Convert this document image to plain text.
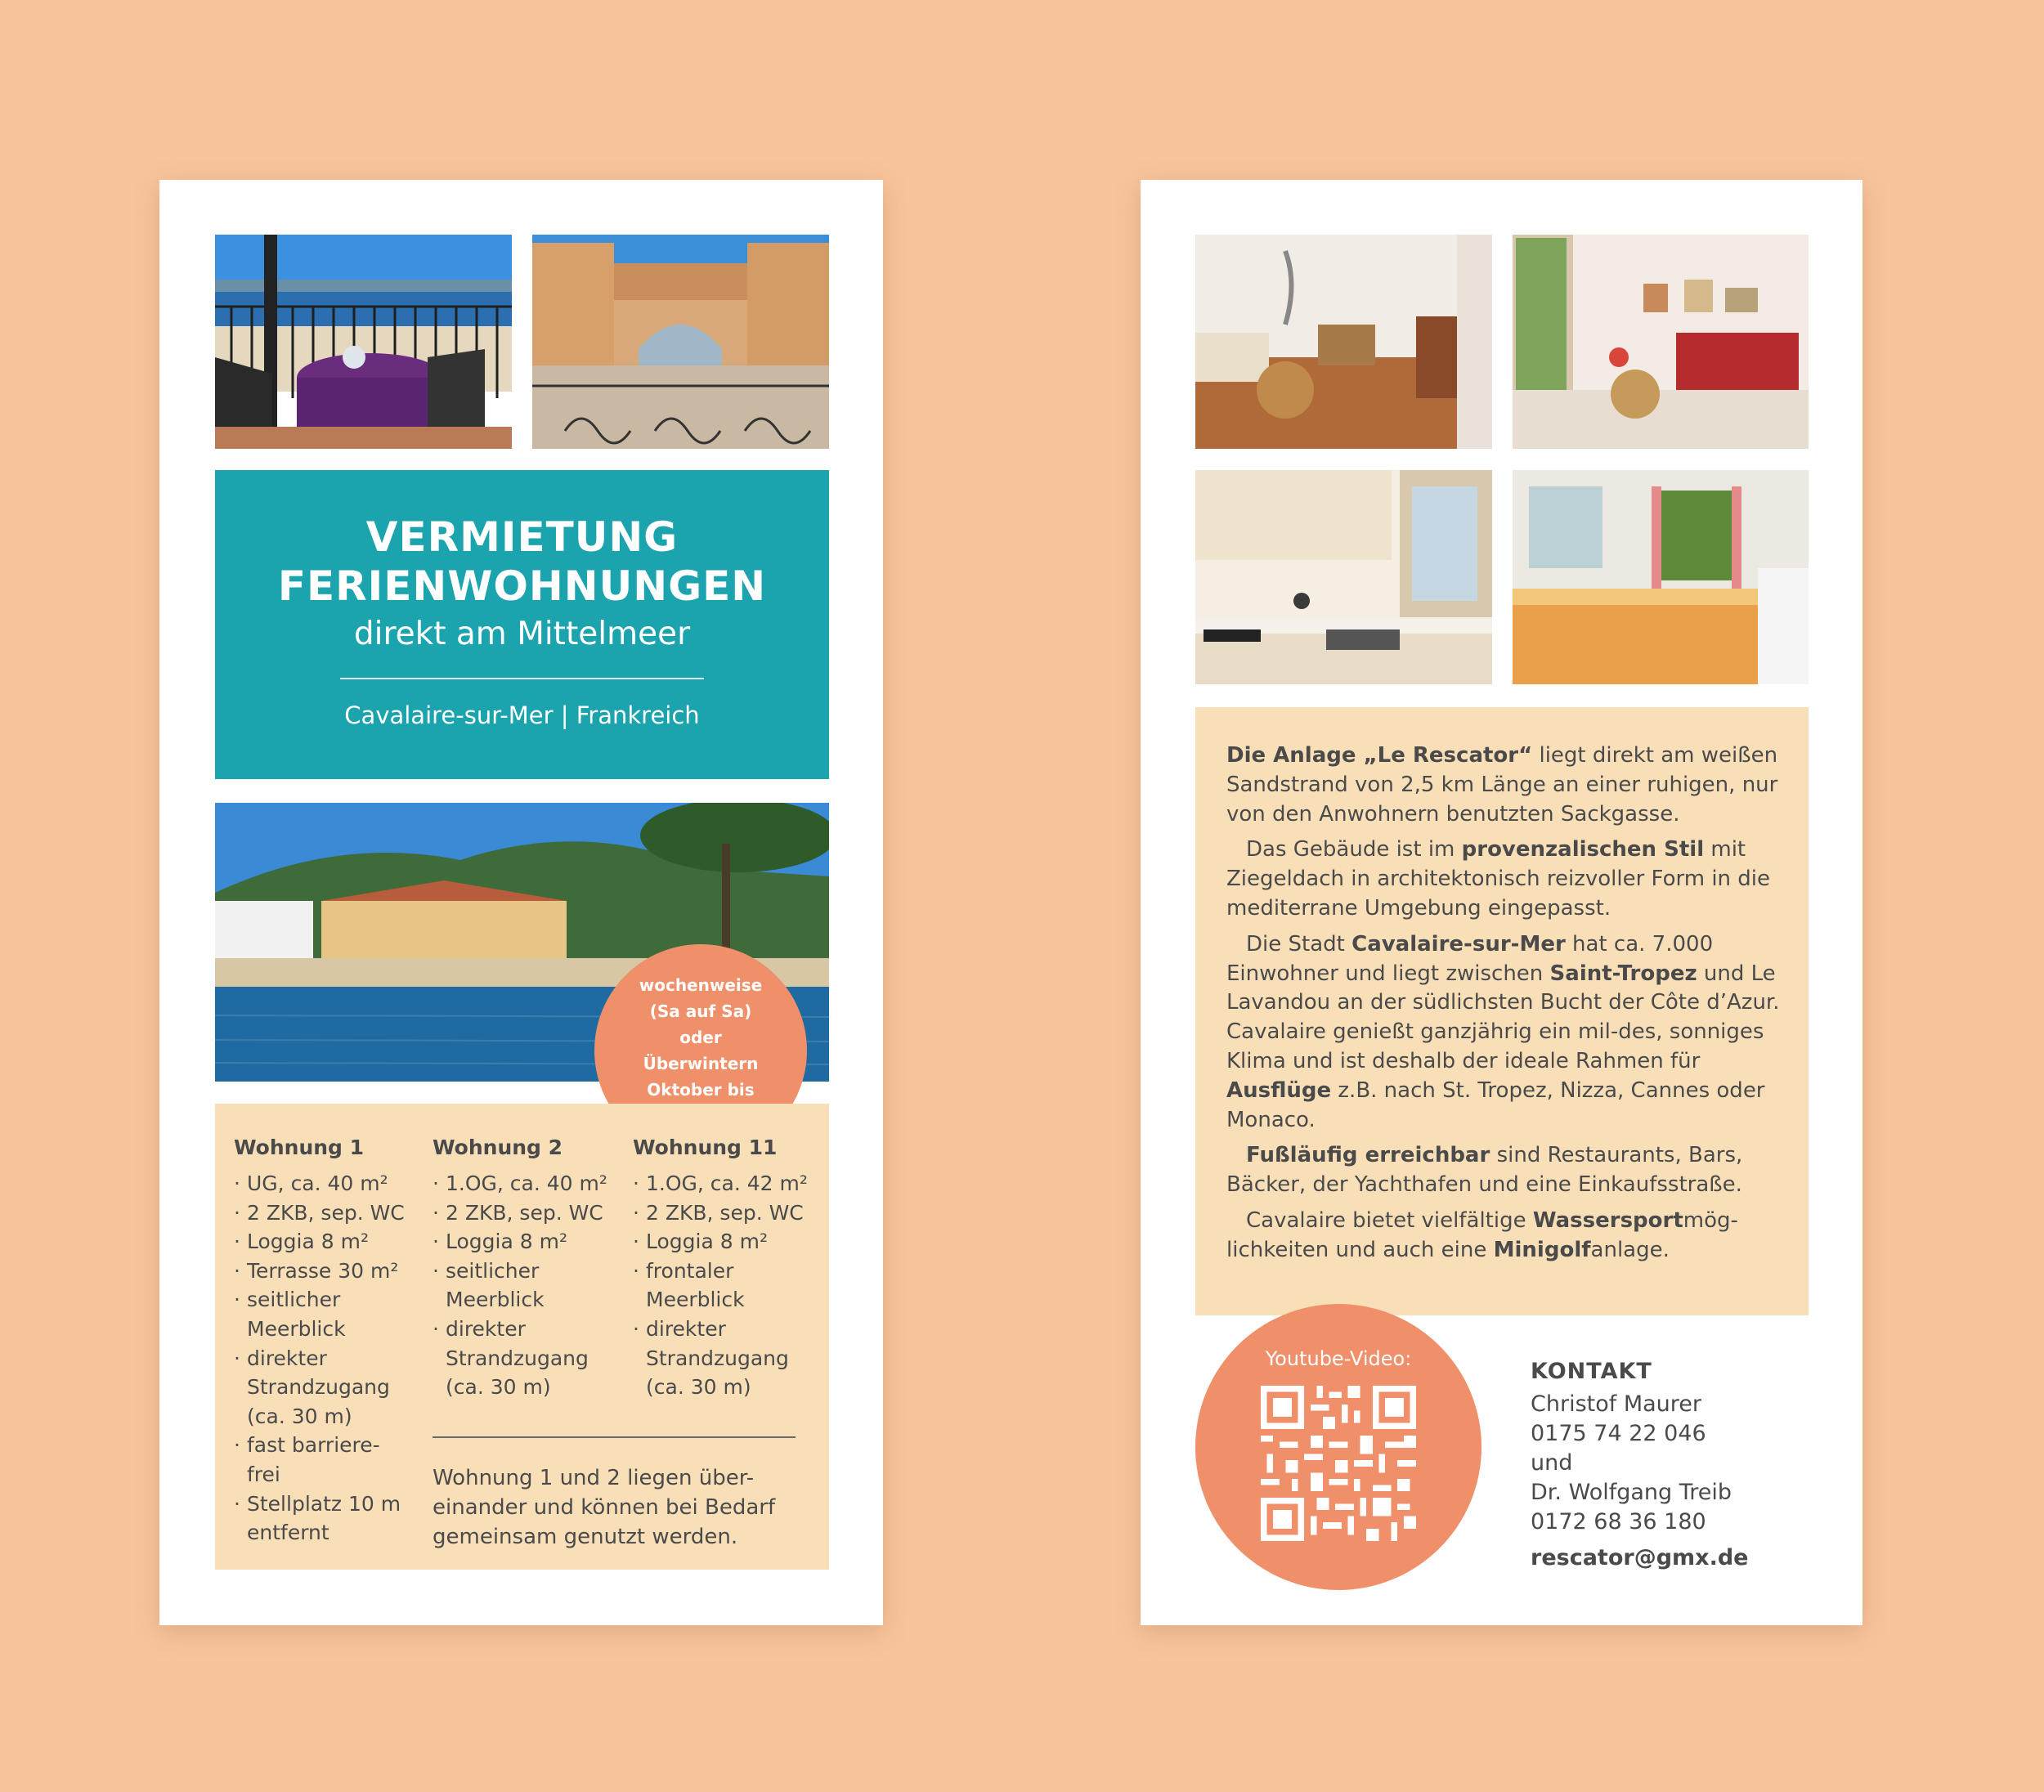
VERMIETUNG
FERIENWOHNUNGEN
direkt am Mittelmeer
Cavalaire-sur-Mer | Frankreich
wochenweise
(Sa auf Sa)
oder
Überwintern
Oktober bis

Wohnung 1
· UG, ca. 40 m²
· 2 ZKB, sep. WC
· Loggia 8 m²
· Terrasse 30 m²
· seitlicher
Meerblick
· direkter
Strandzugang
(ca. 30 m)
· fast barriere-
frei
· Stellplatz 10 m
entfernt
Wohnung 2
· 1.OG, ca. 40 m²
· 2 ZKB, sep. WC
· Loggia 8 m²
· seitlicher
Meerblick
· direkter
Strandzugang
(ca. 30 m)
Wohnung 11
· 1.OG, ca. 42 m²
· 2 ZKB, sep. WC
· Loggia 8 m²
· frontaler
Meerblick
· direkter
Strandzugang
(ca. 30 m)
Wohnung 1 und 2 liegen über-einander und können bei Bedarf gemeinsam genutzt werden.

Die Anlage „Le Rescator“ liegt direkt am weißen Sandstrand von 2,5 km Länge an einer ruhigen, nur von den Anwohnern benutzten Sackgasse.

Das Gebäude ist im provenzalischen Stil mit Ziegeldach in architektonisch reizvoller Form in die mediterrane Umgebung eingepasst.

Die Stadt Cavalaire-sur-Mer hat ca. 7.000 Einwohner und liegt zwischen Saint-Tropez und Le Lavandou an der südlichsten Bucht der Côte d’Azur. Cavalaire genießt ganzjährig ein mil-des, sonniges Klima und ist deshalb der ideale Rahmen für Ausflüge z.B. nach St. Tropez, Nizza, Cannes oder Monaco.

Fußläufig erreichbar sind Restaurants, Bars, Bäcker, der Yachthafen und eine Einkaufsstraße.

Cavalaire bietet vielfältige Wassersportmög-lichkeiten und auch eine Minigolfanlage.

Youtube-Video:	KONTAKT
Christof Maurer
0175 74 22 046
und
Dr. Wolfgang Treib
0172 68 36 180
rescator@gmx.de
